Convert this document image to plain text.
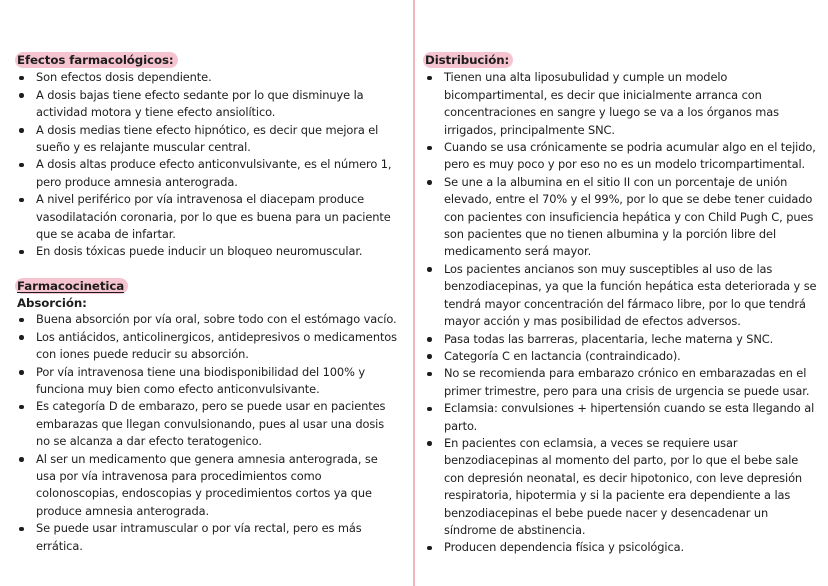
Efectos farmacológicos:
Son efectos dosis dependiente.
A dosis bajas tiene efecto sedante por lo que disminuye la actividad motora y tiene efecto ansiolítico.
A dosis medias tiene efecto hipnótico, es decir que mejora el sueño y es relajante muscular central.
A dosis altas produce efecto anticonvulsivante, es el número 1, pero produce amnesia anterograda.
A nivel periférico por vía intravenosa el diacepam produce vasodilatación coronaria, por lo que es buena para un paciente que se acaba de infartar.
En dosis tóxicas puede inducir un bloqueo neuromuscular.
Farmacocinetica
Absorción:
Buena absorción por vía oral, sobre todo con el estómago vacío.
Los antiácidos, anticolinergicos, antidepresivos o medicamentos con iones puede reducir su absorción.
Por vía intravenosa tiene una biodisponibilidad del 100% y funciona muy bien como efecto anticonvulsivante.
Es categoría D de embarazo, pero se puede usar en pacientes embarazas que llegan convulsionando, pues al usar una dosis no se alcanza a dar efecto teratogenico.
Al ser un medicamento que genera amnesia anterograda, se usa por vía intravenosa para procedimientos como colonoscopias, endoscopias y procedimientos cortos ya que produce amnesia anterograda.
Se puede usar intramuscular o por vía rectal, pero es más errática.
Distribución:
Tienen una alta liposubulidad y cumple un modelo bicompartimental, es decir que inicialmente arranca con concentraciones en sangre y luego se va a los órganos mas irrigados, principalmente SNC.
Cuando se usa crónicamente se podria acumular algo en el tejido, pero es muy poco y por eso no es un modelo tricompartimental.
Se une a la albumina en el sitio II con un porcentaje de unión elevado, entre el 70% y el 99%, por lo que se debe tener cuidado con pacientes con insuficiencia hepática y con Child Pugh C, pues son pacientes que no tienen albumina y la porción libre del medicamento será mayor.
Los pacientes ancianos son muy susceptibles al uso de las benzodiacepinas, ya que la función hepática esta deteriorada y se tendrá mayor concentración del fármaco libre, por lo que tendrá mayor acción y mas posibilidad de efectos adversos.
Pasa todas las barreras, placentaria, leche materna y SNC.
Categoría C en lactancia (contraindicado).
No se recomienda para embarazo crónico en embarazadas en el primer trimestre, pero para una crisis de urgencia se puede usar.
Eclamsia: convulsiones + hipertensión cuando se esta llegando al parto.
En pacientes con eclamsia, a veces se requiere usar benzodiacepinas al momento del parto, por lo que el bebe sale con depresión neonatal, es decir hipotonico, con leve depresión respiratoria, hipotermia y si la paciente era dependiente a las benzodiacepinas el bebe puede nacer y desencadenar un síndrome de abstinencia.
Producen dependencia física y psicológica.
